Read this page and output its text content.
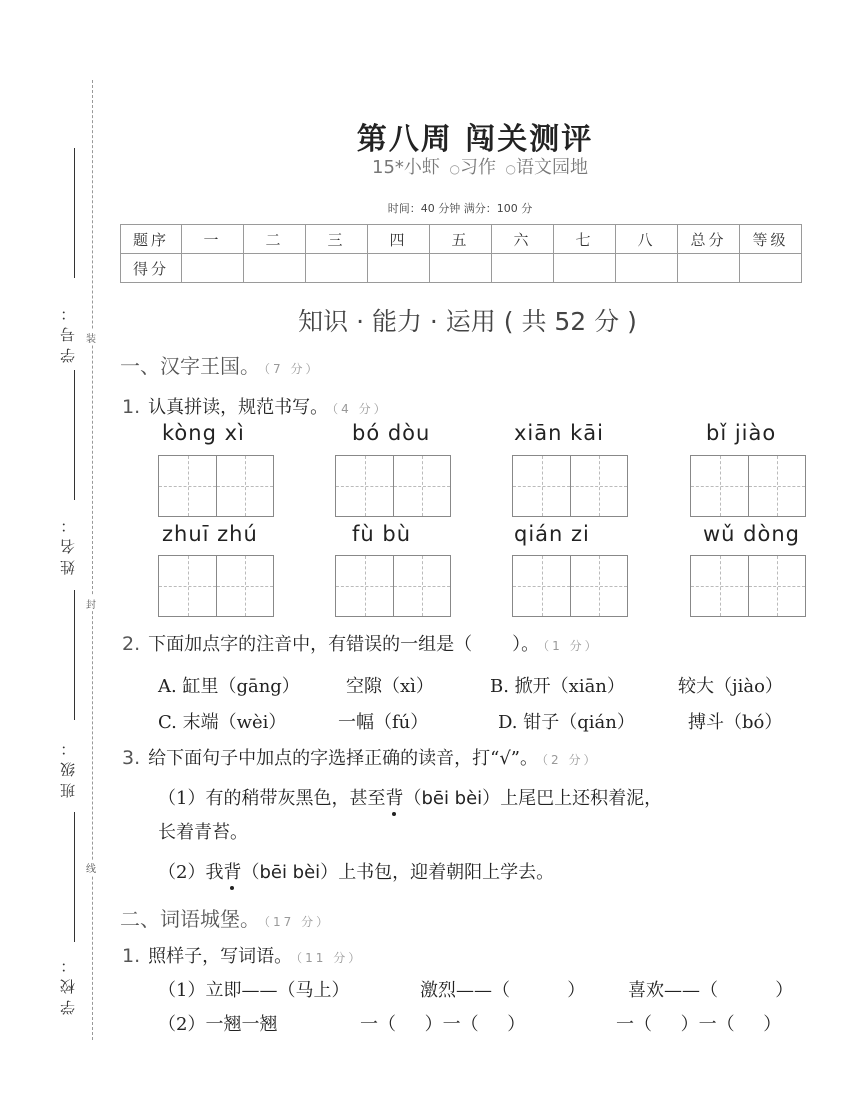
学号：
姓名：
班级：
学校：
装
封
线
第八周 闯关测评
15*小虾  ○习作  ○语文园地
时间：40 分钟 满分：100 分
题序	一	二	三	四	五	六	七	八	总分	等级
得分										
知识 · 能力 · 运用 ( 共 52 分 )
一、汉字王国。 （7 分）
1. 认真拼读，规范书写。 （4 分）
kòng xì	bó dòu	xiān kāi	bǐ jiào
zhuī zhú	fù bù	qián zi	wǔ dòng
2. 下面加点字的注音中，有错误的一组是（ ）。 （1 分）
A. 缸里（gāng）	空隙（xì）	B. 掀开（xiān）	较大（jiào）
C. 末端（wèi）	一幅（fú）	D. 钳子（qián）	搏斗（bó）
3. 给下面句子中加点的字选择正确的读音，打“√”。 （2 分）
（1）有的稍带灰黑色，甚至背（bēi bèi）上尾巴上还积着泥，
长着青苔。
（2）我背（bēi bèi）上书包，迎着朝阳上学去。
二、词语城堡。 （17 分）
1. 照样子，写词语。 （11 分）
（1）立即——（马上）	激烈——（          ） 喜欢——（          ）
（2）一翘一翘	一（     ）一（     ）	一（     ）一（     ）
